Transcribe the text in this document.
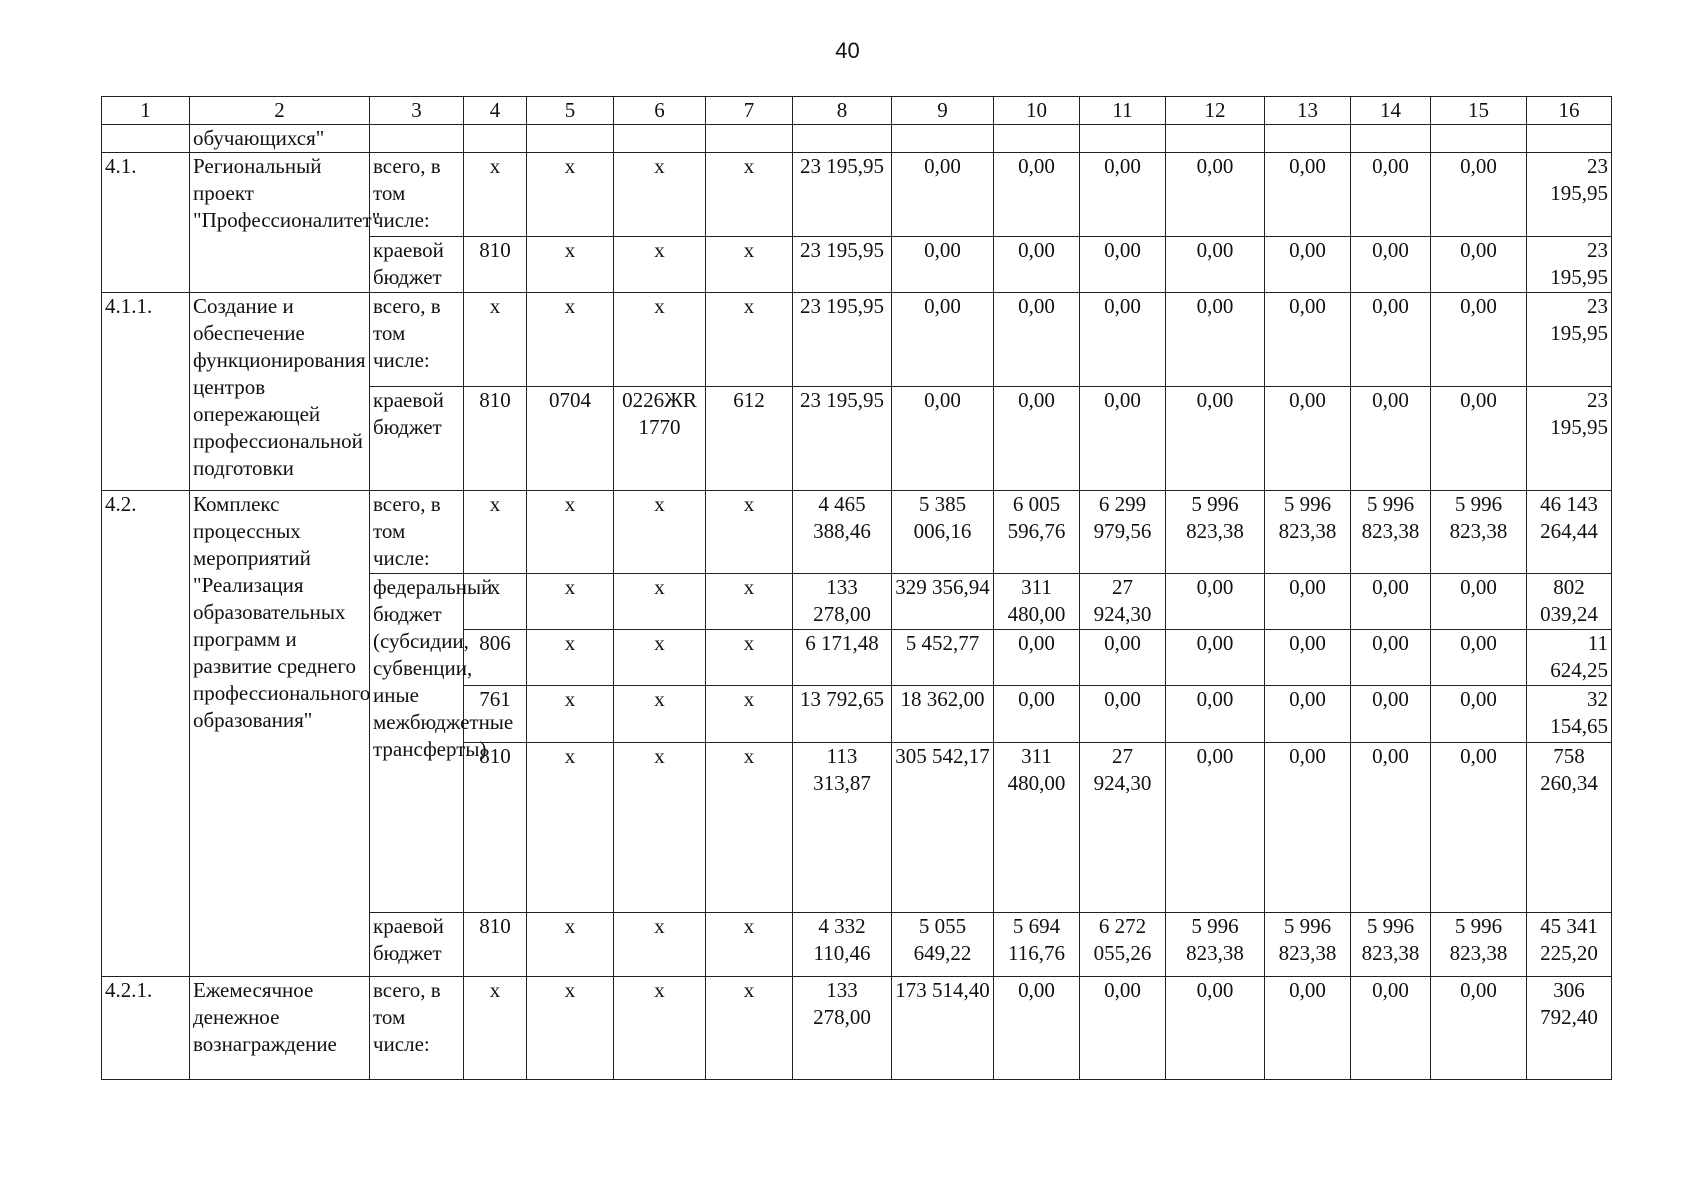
40
1	2	3	4	5	6	7	8	9	10	11	12	13	14	15	16
	обучающихся"														
4.1.	Региональный проект "Профессионалитет"	всего, в том числе:	х	х	х	х	23 195,95	0,00	0,00	0,00	0,00	0,00	0,00	0,00	23 195,95
		краевой бюджет	810	х	х	х	23 195,95	0,00	0,00	0,00	0,00	0,00	0,00	0,00	23 195,95
4.1.1.	Создание и обеспечение функционирования центров опережающей профессиональной подготовки	всего, в том числе:	х	х	х	х	23 195,95	0,00	0,00	0,00	0,00	0,00	0,00	0,00	23 195,95
		краевой бюджет	810	0704	0226ЖR1770	612	23 195,95	0,00	0,00	0,00	0,00	0,00	0,00	0,00	23 195,95
4.2.	Комплекс процессных мероприятий "Реализация образовательных программ и развитие среднего профессионального образования"	всего, в том числе:	х	х	х	х	4 465 388,46	5 385 006,16	6 005 596,76	6 299 979,56	5 996 823,38	5 996 823,38	5 996 823,38	5 996 823,38	46 143 264,44
		федеральный бюджет (субсидии, субвенции, иные межбюджетные трансферты)	х	х	х	х	133 278,00	329 356,94	311 480,00	27 924,30	0,00	0,00	0,00	0,00	802 039,24
			806	х	х	х	6 171,48	5 452,77	0,00	0,00	0,00	0,00	0,00	0,00	11 624,25
			761	х	х	х	13 792,65	18 362,00	0,00	0,00	0,00	0,00	0,00	0,00	32 154,65
			810	х	х	х	113 313,87	305 542,17	311 480,00	27 924,30	0,00	0,00	0,00	0,00	758 260,34

		краевой бюджет	810	х	х	х	4 332 110,46	5 055 649,22	5 694 116,76	6 272 055,26	5 996 823,38	5 996 823,38	5 996 823,38	5 996 823,38	45 341 225,20
4.2.1.	Ежемесячное денежное вознаграждение	всего, в том числе:	х	х	х	х	133 278,00	173 514,40	0,00	0,00	0,00	0,00	0,00	0,00	306 792,40
